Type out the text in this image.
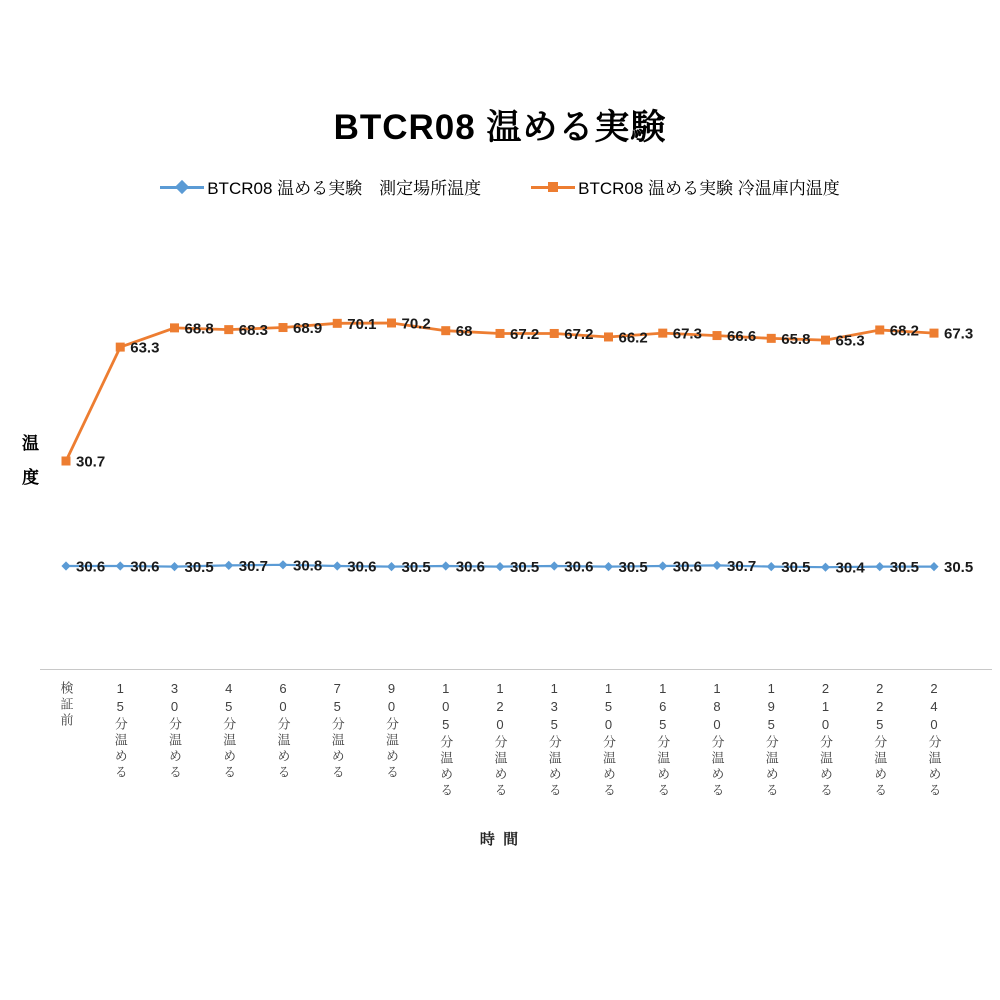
BTCR08 温める実験

BTCR08 温める実験　測定場所温度

	BTCR08 温める実験 冷温庫内温度
温度
30.6 30.6 30.5 30.7 30.8 30.6 30.5 30.6 30.5 30.6 30.5 30.6 30.7 30.5 30.4 30.5 30.5
30.7
63.3
68.8 68.3 68.9 70.1 70.2 68	67.2 67.2 66.2 67.3 66.6 65.8 65.3
68.2 67.3
検証前	15分温める	30分温める	45分温める	60分温める	75分温める	90分温める	105分温める	120分温める	135分温める	150分温める	165分温める	180分温める	195分温める	210分温める	225分温める	240分温める
時 間
